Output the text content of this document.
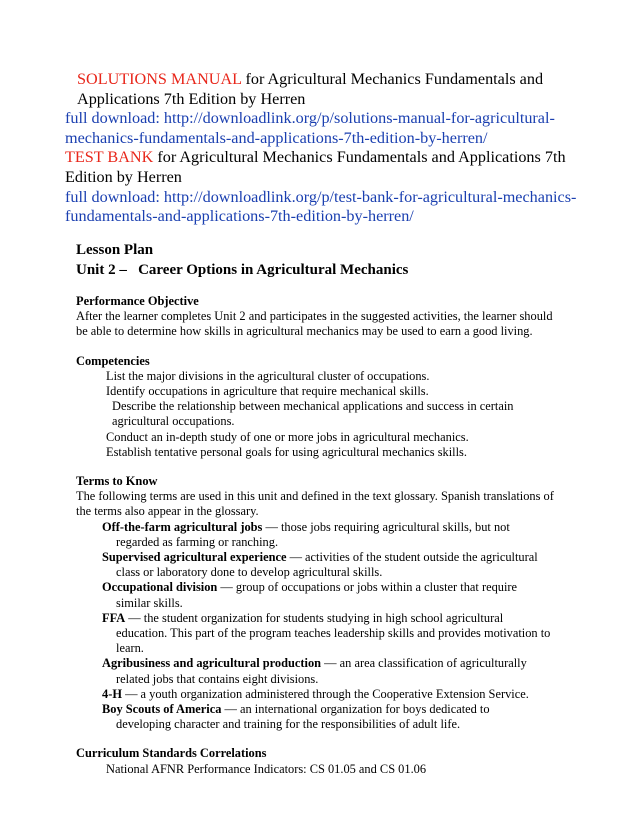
SOLUTIONS MANUAL for Agricultural Mechanics Fundamentals and

Applications 7th Edition by Herren

full download: http://downloadlink.org/p/solutions-manual-for-agricultural-

mechanics-fundamentals-and-applications-7th-edition-by-herren/

TEST BANK for Agricultural Mechanics Fundamentals and Applications 7th

Edition by Herren

full download: http://downloadlink.org/p/test-bank-for-agricultural-mechanics-

fundamentals-and-applications-7th-edition-by-herren/

Lesson Plan

Unit 2 –   Career Options in Agricultural Mechanics

Performance Objective

After the learner completes Unit 2 and participates in the suggested activities, the learner should

be able to determine how skills in agricultural mechanics may be used to earn a good living.

Competencies

List the major divisions in the agricultural cluster of occupations.

Identify occupations in agriculture that require mechanical skills.

Describe the relationship between mechanical applications and success in certain
agricultural occupations.

Conduct an in-depth study of one or more jobs in agricultural mechanics.

Establish tentative personal goals for using agricultural mechanics skills.

Terms to Know

The following terms are used in this unit and defined in the text glossary. Spanish translations of

the terms also appear in the glossary.

Off-the-farm agricultural jobs — those jobs requiring agricultural skills, but not
regarded as farming or ranching.

Supervised agricultural experience — activities of the student outside the agricultural
class or laboratory done to develop agricultural skills.

Occupational division — group of occupations or jobs within a cluster that require
similar skills.

FFA — the student organization for students studying in high school agricultural
education. This part of the program teaches leadership skills and provides motivation to
learn.

Agribusiness and agricultural production — an area classification of agriculturally
related jobs that contains eight divisions.

4-H — a youth organization administered through the Cooperative Extension Service.

Boy Scouts of America — an international organization for boys dedicated to
developing character and training for the responsibilities of adult life.

Curriculum Standards Correlations

National AFNR Performance Indicators: CS 01.05 and CS 01.06
